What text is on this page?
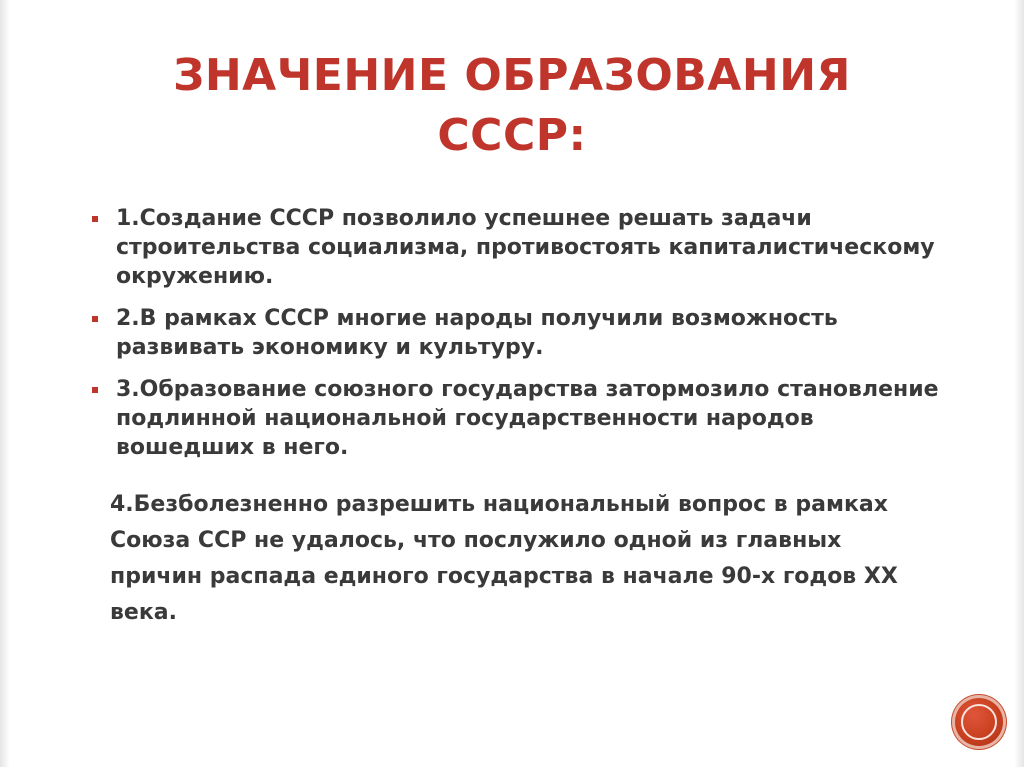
ЗНАЧЕНИЕ ОБРАЗОВАНИЯ СССР:
1.Создание СССР позволило успешнее решать задачи строительства социализма, противостоять капиталистическому окружению.
2.В рамках СССР многие народы получили возможность развивать экономику и культуру.
3.Образование союзного государства затормозило становление подлинной национальной государственности народов вошедших в него.

4.Безболезненно разрешить национальный вопрос в рамках Союза ССР не удалось, что послужило одной из главных причин распада единого государства в начале 90-х годов XX века.
